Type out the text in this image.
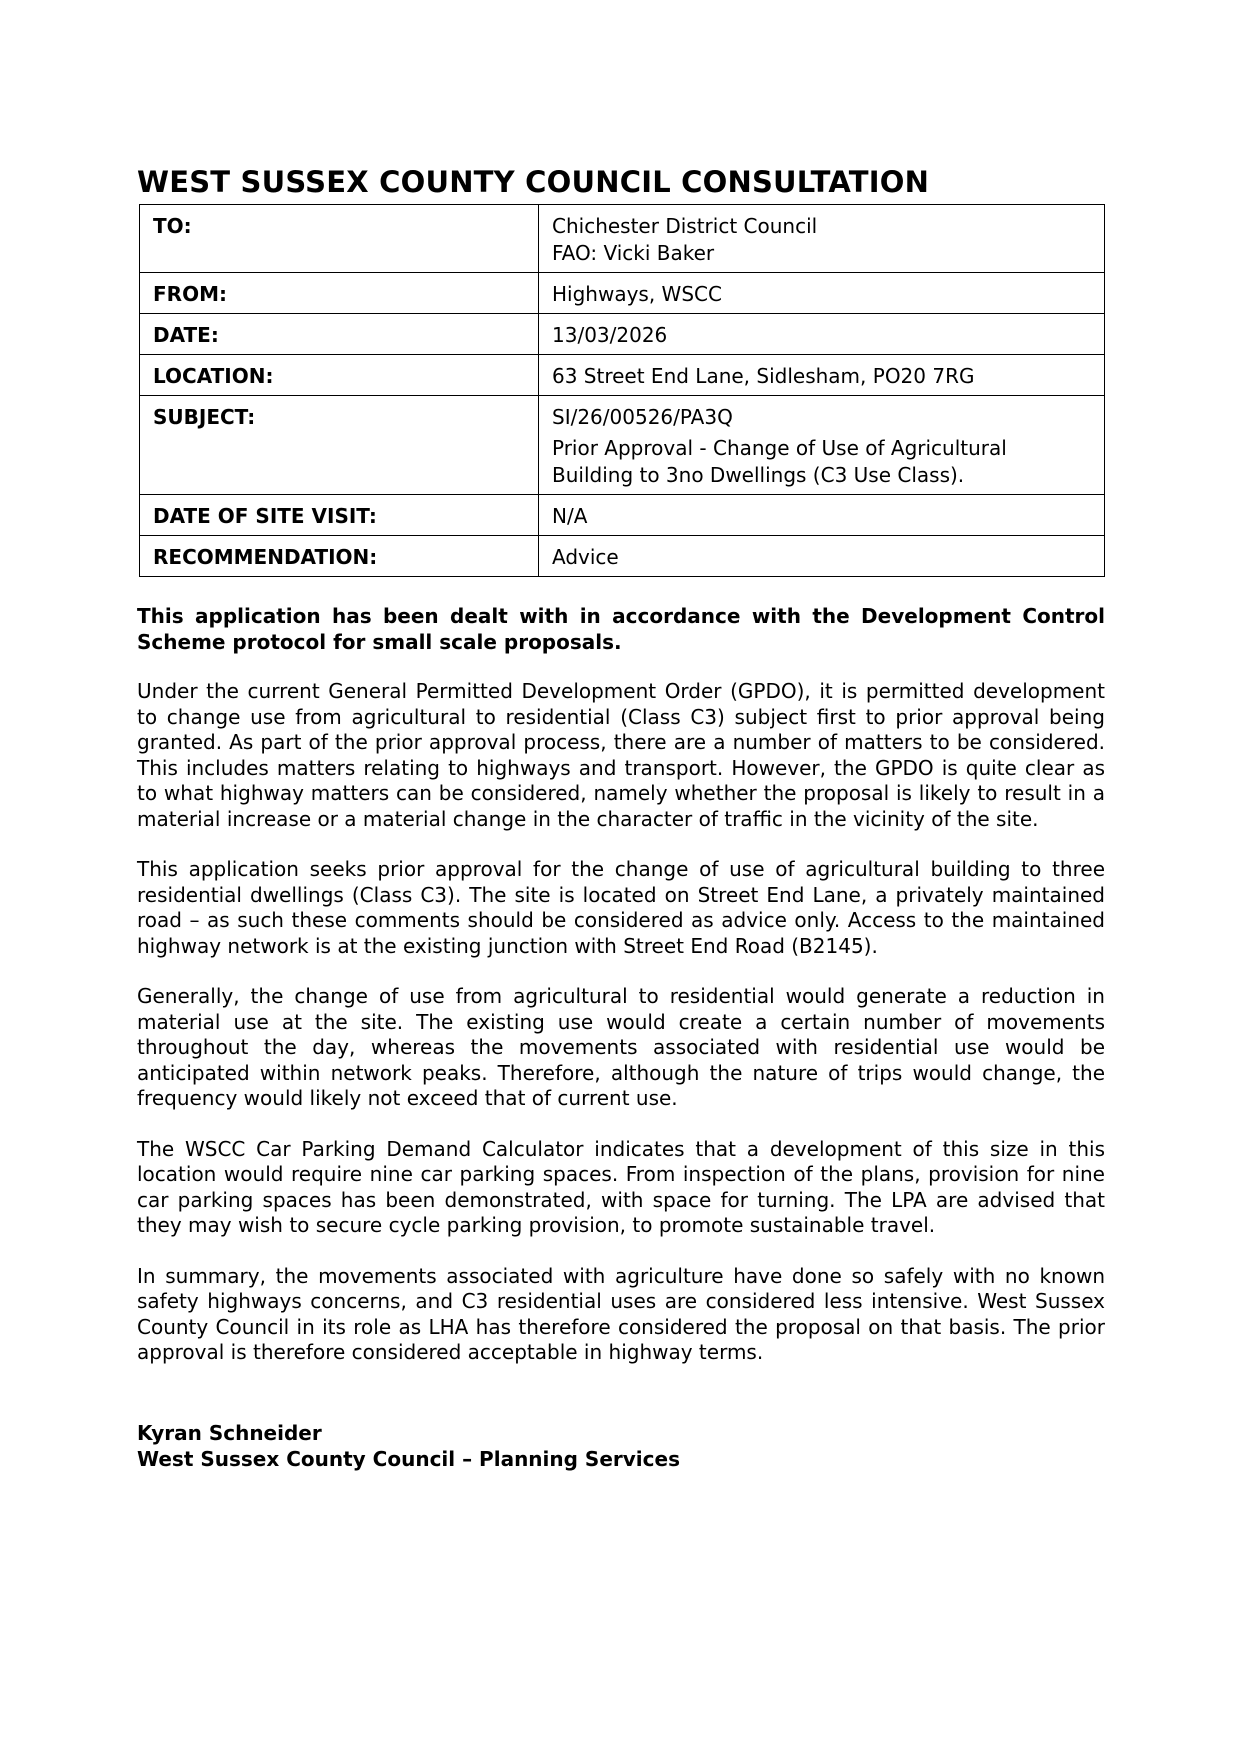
WEST SUSSEX COUNTY COUNCIL CONSULTATION
TO:	Chichester District Council
FAO: Vicki Baker

FROM:	Highways, WSCC
DATE:	13/03/2026
LOCATION:	63 Street End Lane, Sidlesham, PO20 7RG
SUBJECT:	SI/26/00526/PA3Q
Prior Approval - Change of Use of Agricultural Building to 3no Dwellings (C3 Use Class).

DATE OF SITE VISIT:	N/A
RECOMMENDATION:	Advice

This application has been dealt with in accordance with the Development Control Scheme protocol for small scale proposals.

Under the current General Permitted Development Order (GPDO), it is permitted development to change use from agricultural to residential (Class C3) subject first to prior approval being granted. As part of the prior approval process, there are a number of matters to be considered. This includes matters relating to highways and transport. However, the GPDO is quite clear as to what highway matters can be considered, namely whether the proposal is likely to result in a material increase or a material change in the character of traffic in the vicinity of the site.

This application seeks prior approval for the change of use of agricultural building to three residential dwellings (Class C3). The site is located on Street End Lane, a privately maintained road – as such these comments should be considered as advice only. Access to the maintained highway network is at the existing junction with Street End Road (B2145).

Generally, the change of use from agricultural to residential would generate a reduction in material use at the site. The existing use would create a certain number of movements throughout the day, whereas the movements associated with residential use would be anticipated within network peaks. Therefore, although the nature of trips would change, the frequency would likely not exceed that of current use.

The WSCC Car Parking Demand Calculator indicates that a development of this size in this location would require nine car parking spaces. From inspection of the plans, provision for nine car parking spaces has been demonstrated, with space for turning. The LPA are advised that they may wish to secure cycle parking provision, to promote sustainable travel.

In summary, the movements associated with agriculture have done so safely with no known safety highways concerns, and C3 residential uses are considered less intensive. West Sussex County Council in its role as LHA has therefore considered the proposal on that basis. The prior approval is therefore considered acceptable in highway terms.

Kyran Schneider
West Sussex County Council – Planning Services
